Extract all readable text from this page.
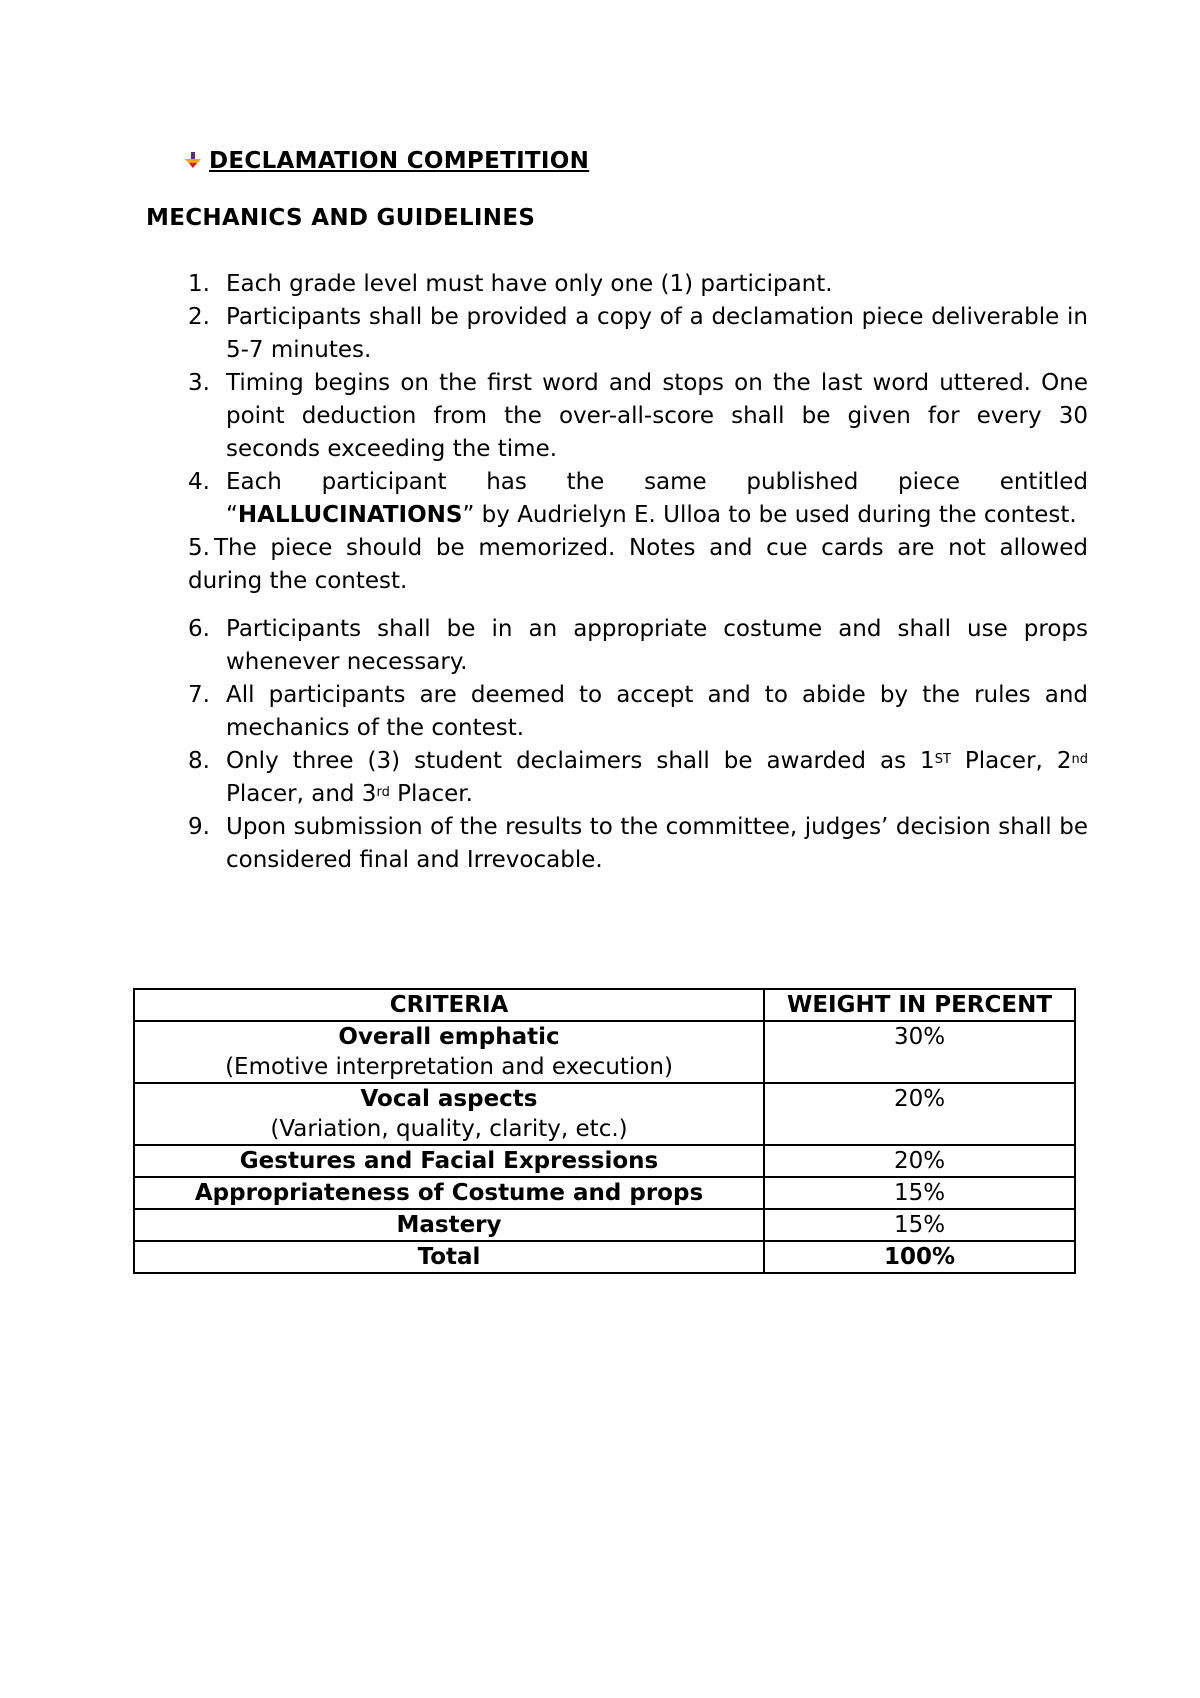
DECLAMATION COMPETITION
MECHANICS AND GUIDELINES
1. Each grade level must have only one (1) participant.
2. Participants shall be provided a copy of a declamation piece deliverable in 5-7 minutes.
3. Timing begins on the first word and stops on the last word uttered. One point deduction from the over-all-score shall be given for every 30 seconds exceeding the time.
4. Each participant has the same published piece entitled “HALLUCINATIONS” by Audrielyn E. Ulloa to be used during the contest.
5. The piece should be memorized. Notes and cue cards are not allowed during the contest.
6. Participants shall be in an appropriate costume and shall use props whenever necessary.
7. All participants are deemed to accept and to abide by the rules and mechanics of the contest.
8. Only three (3) student declaimers shall be awarded as 1ST Placer, 2nd Placer, and 3rd Placer.
9. Upon submission of the results to the committee, judges’ decision shall be considered final and Irrevocable.
CRITERIA	WEIGHT IN PERCENT

Overall emphatic
(Emotive interpretation and execution)	30%

Vocal aspects
(Variation, quality, clarity, etc.)	20%
Gestures and Facial Expressions	20%
Appropriateness of Costume and props	15%
Mastery	15%
Total	100%
